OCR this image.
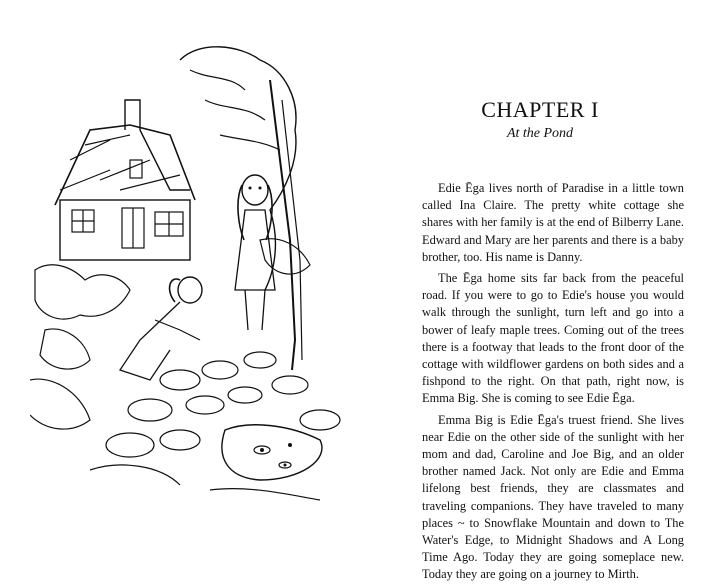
CHAPTER I
At the Pond

Edie Ēga lives north of Paradise in a little town called Ina Claire. The pretty white cottage she shares with her family is at the end of Bilberry Lane. Edward and Mary are her parents and there is a baby brother, too. His name is Danny.

The Ēga home sits far back from the peaceful road. If you were to go to Edie's house you would walk through the sunlight, turn left and go into a bower of leafy maple trees. Coming out of the trees there is a footway that leads to the front door of the cottage with wildflower gardens on both sides and a fishpond to the right. On that path, right now, is Emma Big. She is coming to see Edie Ēga.

Emma Big is Edie Ēga's truest friend. She lives near Edie on the other side of the sunlight with her mom and dad, Caroline and Joe Big, and an older brother named Jack. Not only are Edie and Emma lifelong best friends, they are classmates and traveling companions. They have traveled to many places ~ to Snowflake Mountain and down to The Water's Edge, to Midnight Shadows and A Long Time Ago. Today they are going someplace new. Today they are going on a journey to Mirth.
